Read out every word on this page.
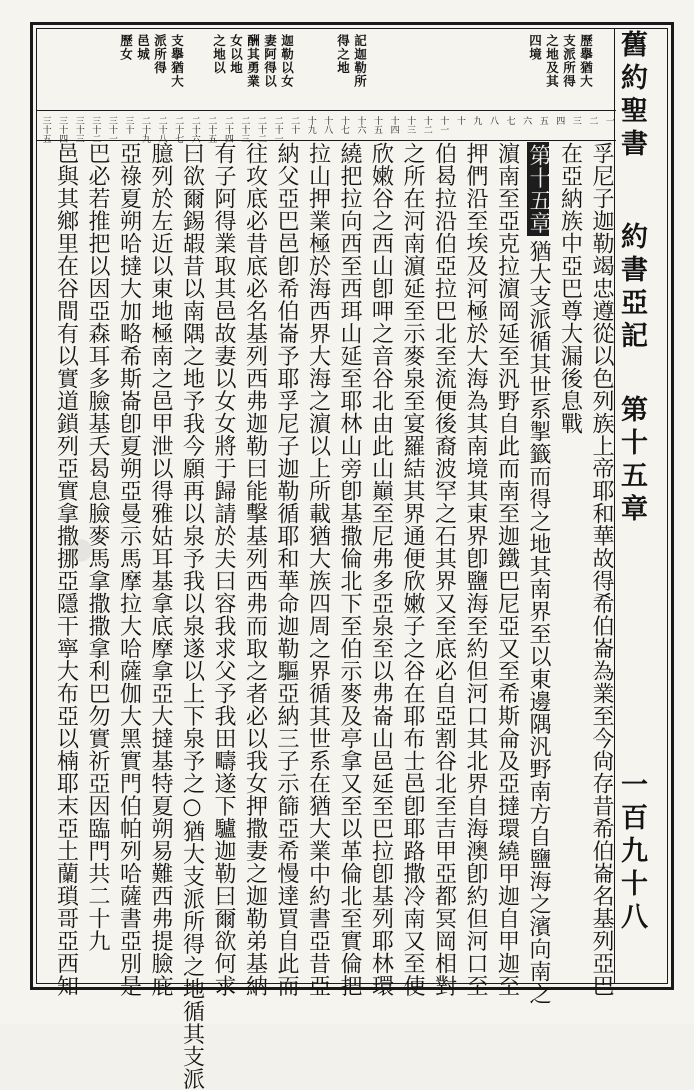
·
舊約聖書
約書亞記
第十五章
一百九十八
歷擧猶大
支派所得
之地及其
四境
記迦勒所
得之地
迦勒以女
妻阿得以
酬其勇業
女以地
之地以
支擧猶大
派所得
邑城
歷女
一
二
三
四
五
六
七
八
九
十
十一
十二
十三
十四
十五
十六
十七
十八
十九
二十
二十一
二十二
二十三
二十四
二十五
二十六
二十七
二十八
二十九
三十
三十一
三十二
三十三
三十四
三十五
孚尼子迦勒竭忠遵從以色列族上帝耶和華故得希伯崙為業至今尙存昔希伯崙名基列亞巴
在亞納族中亞巴尊大漏後息戰
第十五章猶大支派循其世系掣籤而得之地其南界至以東邊隅汎野南方自鹽海之濱向南之
濵南至亞克拉濵岡延至汎野自此而南至迦鐵巴尼亞又至希斯侖及亞撻環繞甲迦自甲迦至
押們沿至埃及河極於大海為其南境其東界卽鹽海至約但河口其北界自海澳卽約但河口至
伯曷拉沿伯亞拉巴北至流便後裔波罕之石其界又至底必自亞割谷北至吉甲亞都冥岡相對
之所在河南濵延至示麥泉至宴羅結其界通便欣嫩子之谷在耶布士邑卽耶路撒冷南又至使
欣嫩谷之西山卽呷之音谷北由此山巔至尼弗多亞泉至以弗崙山邑延至巴拉卽基列耶林環
繞把拉向西至西珥山延至耶林山旁卽基撒倫北下至伯示麥及亭拿又至以革倫北至實倫把
拉山押業極於海西界大海之濵以上所載猶大族四周之界循其世系在猶大業中約書亞昔亞
納父亞巴邑卽希伯崙予耶孚尼子迦勒循耶和華命迦勒驅亞納三子示篩亞希慢達買自此而
往攻底必昔底必名基列西弗迦勒曰能擊基列西弗而取之者必以我女押撒妻之迦勒弟基納
有子阿得業取其邑故妻以女女將于歸請於夫曰容我求父予我田疇遂下驢迦勒曰爾欲何求
曰欲爾錫嘏昔以南隅之地予我今願再以泉予我以泉遂以上下泉予之○猶大支派所得之地循其支派
臆列於左近以東地極南之邑甲泄以得雅姑耳基拿底摩拿亞大撻基特夏朔易難西弗提臉庇
亞祿夏朔哈撻大加略希斯崙卽夏朔亞曼示馬摩拉大哈薩伽大黑實門伯帕列哈薩書亞別是
巴必若推把以因亞森耳多臉基夭曷息臉麥馬拿撒撒拿利巴勿實祈亞因臨門共二十九
邑與其鄉里在谷間有以實道鎖列亞實拿撒挪亞隱干寧大布亞以楠耶末亞土蘭瑣哥亞西知
